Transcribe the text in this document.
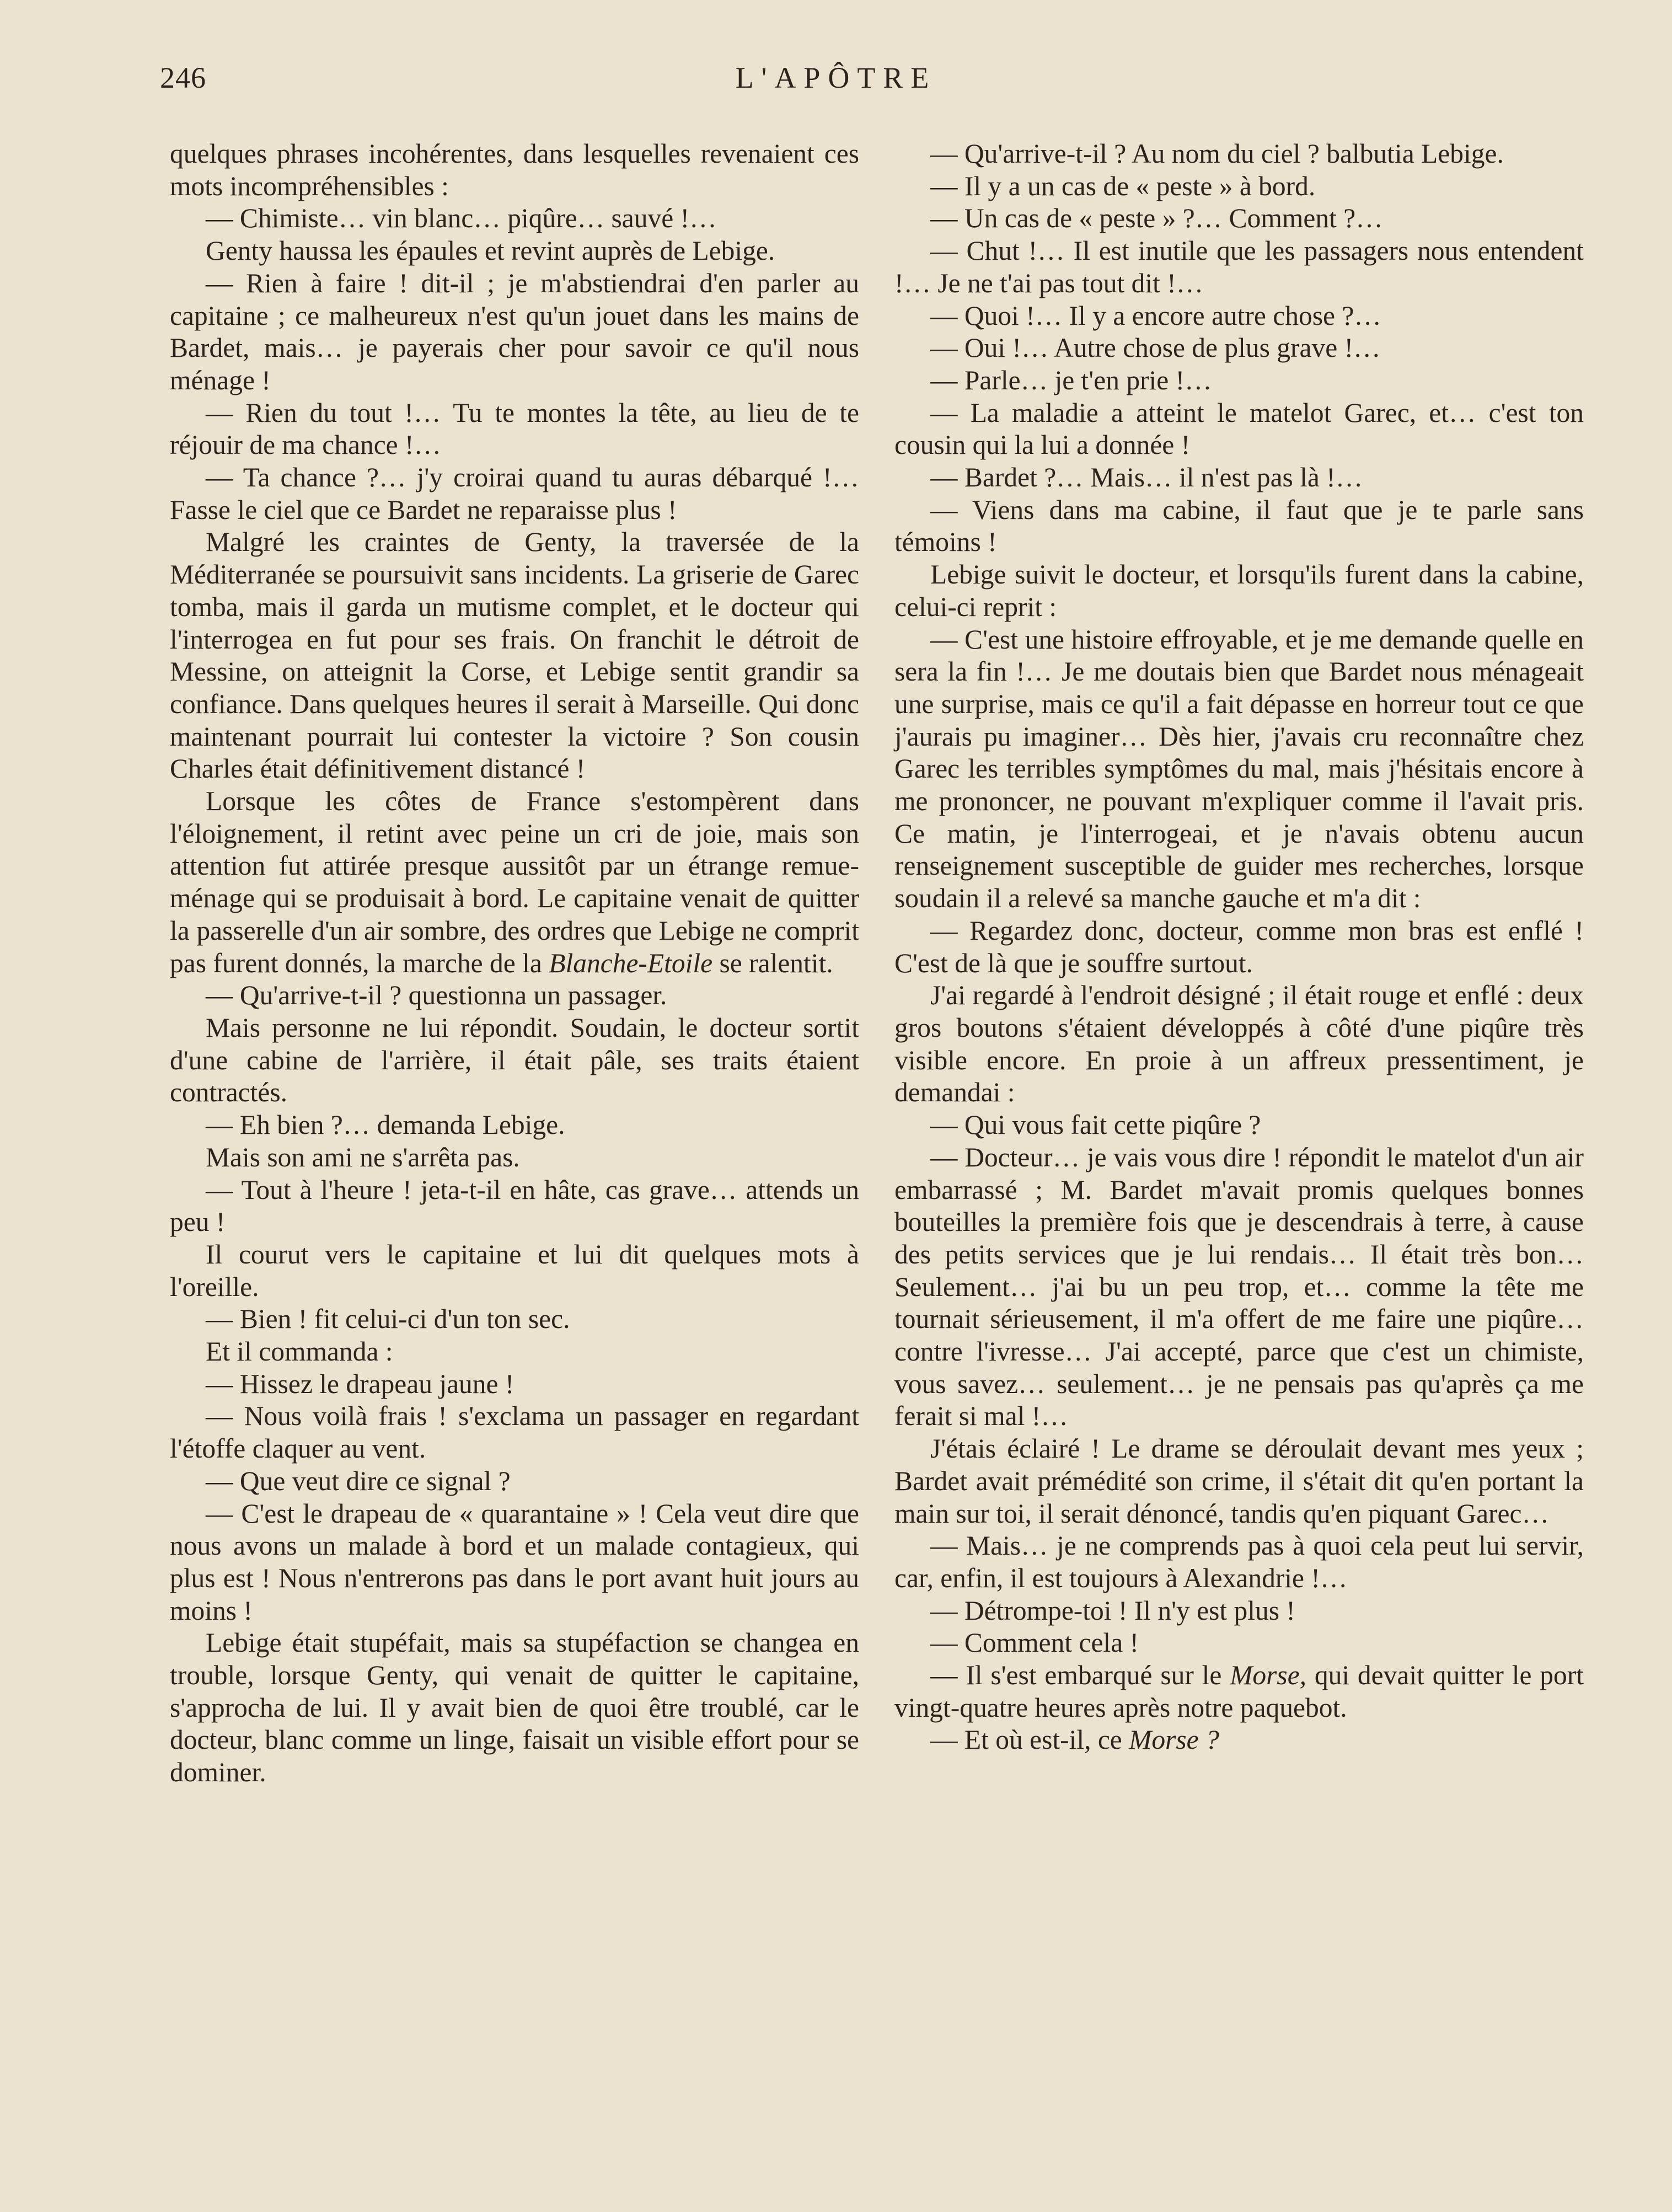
246	L'APÔTRE

quelques phrases incohérentes, dans lesquelles revenaient ces mots incompréhensibles :

— Chimiste… vin blanc… piqûre… sauvé !…

Genty haussa les épaules et revint auprès de Lebige.

— Rien à faire ! dit-il ; je m'abstiendrai d'en parler au capitaine ; ce malheureux n'est qu'un jouet dans les mains de Bardet, mais… je payerais cher pour savoir ce qu'il nous ménage !

— Rien du tout !… Tu te montes la tête, au lieu de te réjouir de ma chance !…

— Ta chance ?… j'y croirai quand tu auras débarqué !… Fasse le ciel que ce Bardet ne reparaisse plus !

Malgré les craintes de Genty, la traversée de la Méditerranée se poursuivit sans incidents. La griserie de Garec tomba, mais il garda un mutisme complet, et le docteur qui l'interrogea en fut pour ses frais. On franchit le détroit de Messine, on atteignit la Corse, et Lebige sentit grandir sa confiance. Dans quelques heures il serait à Marseille. Qui donc maintenant pourrait lui contester la victoire ? Son cousin Charles était définitivement distancé !

Lorsque les côtes de France s'estompèrent dans l'éloignement, il retint avec peine un cri de joie, mais son attention fut attirée presque aussitôt par un étrange remue-ménage qui se produisait à bord. Le capitaine venait de quitter la passerelle d'un air sombre, des ordres que Lebige ne comprit pas furent donnés, la marche de la Blanche-Etoile se ralentit.

— Qu'arrive-t-il ? questionna un passager.

Mais personne ne lui répondit. Soudain, le docteur sortit d'une cabine de l'arrière, il était pâle, ses traits étaient contractés.

— Eh bien ?… demanda Lebige.

Mais son ami ne s'arrêta pas.

— Tout à l'heure ! jeta-t-il en hâte, cas grave… attends un peu !

Il courut vers le capitaine et lui dit quelques mots à l'oreille.

— Bien ! fit celui-ci d'un ton sec.

Et il commanda :

— Hissez le drapeau jaune !

— Nous voilà frais ! s'exclama un passager en regardant l'étoffe claquer au vent.

— Que veut dire ce signal ?

— C'est le drapeau de « quarantaine » ! Cela veut dire que nous avons un malade à bord et un malade contagieux, qui plus est ! Nous n'entrerons pas dans le port avant huit jours au moins !

Lebige était stupéfait, mais sa stupéfaction se changea en trouble, lorsque Genty, qui venait de quitter le capitaine, s'approcha de lui. Il y avait bien de quoi être troublé, car le docteur, blanc comme un linge, faisait un visible effort pour se dominer.

— Qu'arrive-t-il ? Au nom du ciel ? balbutia Lebige.

— Il y a un cas de « peste » à bord.

— Un cas de « peste » ?… Comment ?…

— Chut !… Il est inutile que les passagers nous entendent !… Je ne t'ai pas tout dit !…

— Quoi !… Il y a encore autre chose ?…

— Oui !… Autre chose de plus grave !…

— Parle… je t'en prie !…

— La maladie a atteint le matelot Garec, et… c'est ton cousin qui la lui a donnée !

— Bardet ?… Mais… il n'est pas là !…

— Viens dans ma cabine, il faut que je te parle sans témoins !

Lebige suivit le docteur, et lorsqu'ils furent dans la cabine, celui-ci reprit :

— C'est une histoire effroyable, et je me demande quelle en sera la fin !… Je me doutais bien que Bardet nous ménageait une surprise, mais ce qu'il a fait dépasse en horreur tout ce que j'aurais pu imaginer… Dès hier, j'avais cru reconnaître chez Garec les terribles symptômes du mal, mais j'hésitais encore à me prononcer, ne pouvant m'expliquer comme il l'avait pris. Ce matin, je l'interrogeai, et je n'avais obtenu aucun renseignement susceptible de guider mes recherches, lorsque soudain il a relevé sa manche gauche et m'a dit :

— Regardez donc, docteur, comme mon bras est enflé ! C'est de là que je souffre surtout.

J'ai regardé à l'endroit désigné ; il était rouge et enflé : deux gros boutons s'étaient développés à côté d'une piqûre très visible encore. En proie à un affreux pressentiment, je demandai :

— Qui vous fait cette piqûre ?

— Docteur… je vais vous dire ! répondit le matelot d'un air embarrassé ; M. Bardet m'avait promis quelques bonnes bouteilles la première fois que je descendrais à terre, à cause des petits services que je lui rendais… Il était très bon… Seulement… j'ai bu un peu trop, et… comme la tête me tournait sérieusement, il m'a offert de me faire une piqûre… contre l'ivresse… J'ai accepté, parce que c'est un chimiste, vous savez… seulement… je ne pensais pas qu'après ça me ferait si mal !…

J'étais éclairé ! Le drame se déroulait devant mes yeux ; Bardet avait prémédité son crime, il s'était dit qu'en portant la main sur toi, il serait dénoncé, tandis qu'en piquant Garec…

— Mais… je ne comprends pas à quoi cela peut lui servir, car, enfin, il est toujours à Alexandrie !…

— Détrompe-toi ! Il n'y est plus !

— Comment cela !

— Il s'est embarqué sur le Morse, qui devait quitter le port vingt-quatre heures après notre paquebot.

— Et où est-il, ce Morse ?
